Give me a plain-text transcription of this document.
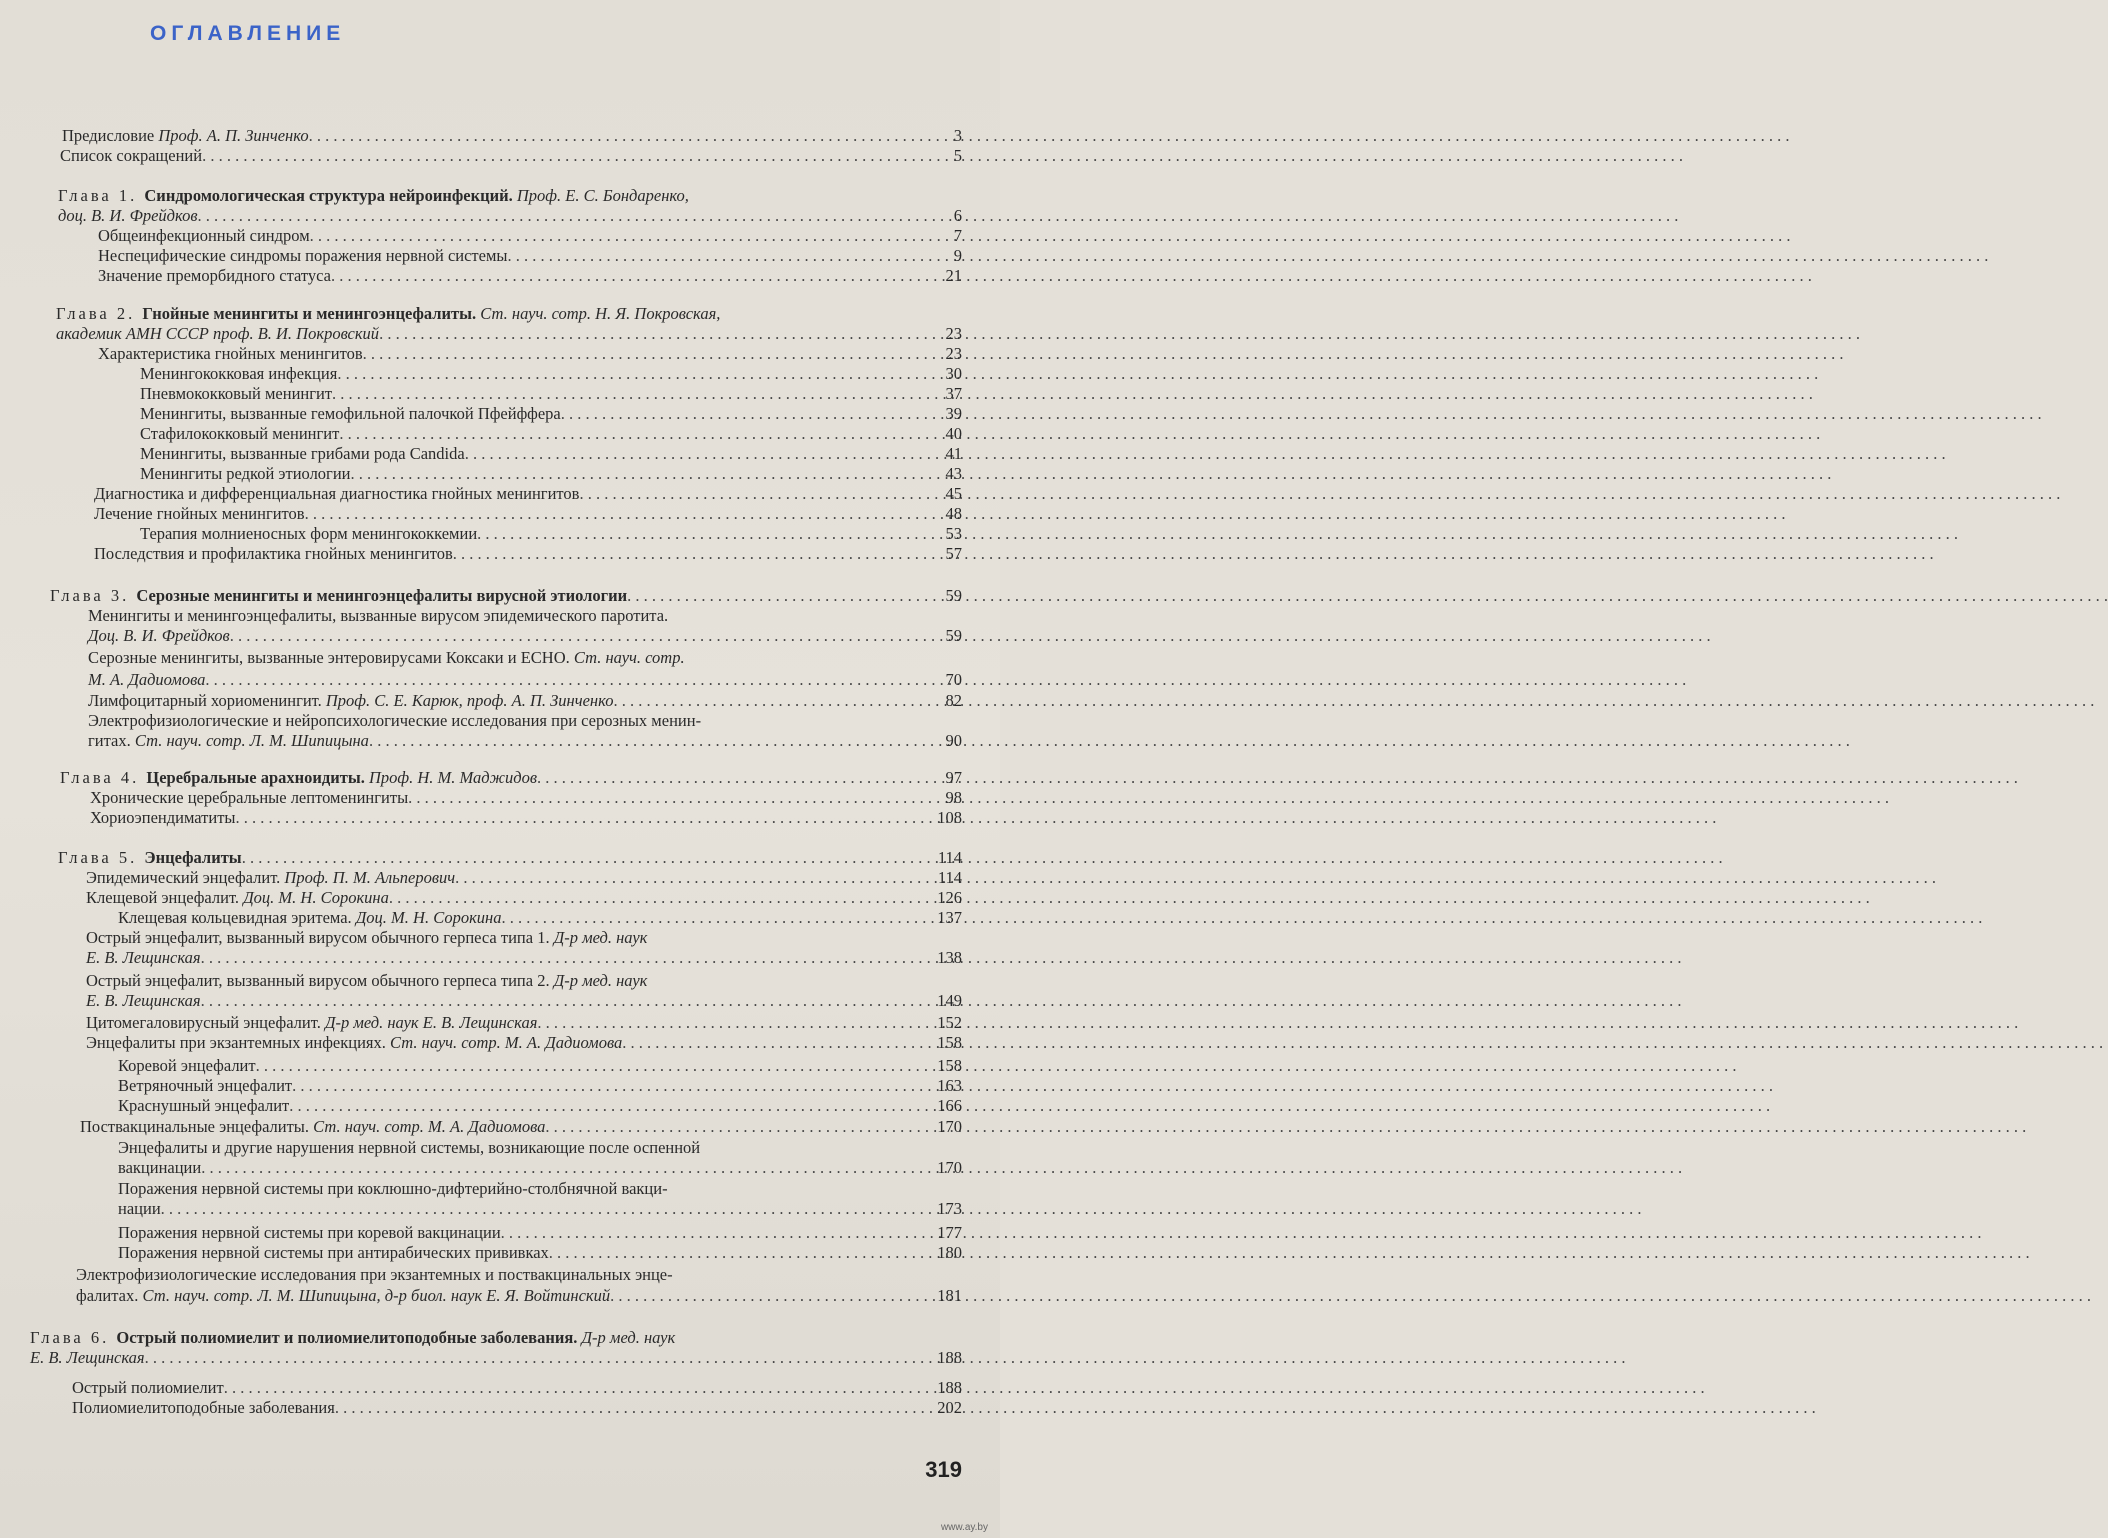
ОГЛАВЛЕНИЕ
Предисловие Проф. А. П. Зинченко . . .	3
Список сокращений . . .	5
Глава 1. Синдромологическая структура нейроинфекций. Проф. Е. С. Бондаренко,
доц. В. И. Фрейдков . . .	6
Общеинфекционный синдром . . .	7
Неспецифические синдромы поражения нервной системы . . .	9
Значение преморбидного статуса . . .	21
Глава 2. Гнойные менингиты и менингоэнцефалиты. Ст. науч. сотр. Н. Я. Покровская,
академик АМН СССР проф. В. И. Покровский . . .	23
Характеристика гнойных менингитов . . .	23
Менингококковая инфекция . . .	30
Пневмококковый менингит . . .	37
Менингиты, вызванные гемофильной палочкой Пфейффера . . .	39
Стафилококковый менингит . . .	40
Менингиты, вызванные грибами рода Candida . . .	41
Менингиты редкой этиологии . . .	43
Диагностика и дифференциальная диагностика гнойных менингитов . . .	45
Лечение гнойных менингитов . . .	48
Терапия молниеносных форм менингококкемии . . .	53
Последствия и профилактика гнойных менингитов . . .	57
Глава 3. Серозные менингиты и менингоэнцефалиты вирусной этиологии . . .	59
Менингиты и менингоэнцефалиты, вызванные вирусом эпидемического паротита.
Доц. В. И. Фрейдков . . .	59
Серозные менингиты, вызванные энтеровирусами Коксаки и ЕСНО. Ст. науч. сотр.
М. А. Дадиомова . . .	70
Лимфоцитарный хориоменингит. Проф. С. Е. Карюк, проф. А. П. Зинченко . . .	82
Электрофизиологические и нейропсихологические исследования при серозных менин-
гитах. Ст. науч. сотр. Л. М. Шипицына . . .	90
Глава 4. Церебральные арахноидиты. Проф. Н. М. Маджидов . . .	97
Хронические церебральные лептоменингиты . . .	98
Хориоэпендиматиты . . .	108
Глава 5. Энцефалиты . . .	114
Эпидемический энцефалит. Проф. П. М. Альперович . . .	114
Клещевой энцефалит. Доц. М. Н. Сорокина . . .	126
Клещевая кольцевидная эритема. Доц. М. Н. Сорокина . . .	137
Острый энцефалит, вызванный вирусом обычного герпеса типа 1. Д-р мед. наук
Е. В. Лещинская . . .	138
Острый энцефалит, вызванный вирусом обычного герпеса типа 2. Д-р мед. наук
Е. В. Лещинская . . .	149
Цитомегаловирусный энцефалит. Д-р мед. наук Е. В. Лещинская . . .	152
Энцефалиты при экзантемных инфекциях. Ст. науч. сотр. М. А. Дадиомова . . .	158
Коревой энцефалит . . .	158
Ветряночный энцефалит . . .	163
Краснушный энцефалит . . .	166
Поствакцинальные энцефалиты. Ст. науч. сотр. М. А. Дадиомова . . .	170
Энцефалиты и другие нарушения нервной системы, возникающие после оспенной
вакцинации . . .	170
Поражения нервной системы при коклюшно-дифтерийно-столбнячной вакци-
нации . . .	173
Поражения нервной системы при коревой вакцинации . . .	177
Поражения нервной системы при антирабических прививках . . .	180
Электрофизиологические исследования при экзантемных и поствакцинальных энце-
фалитах. Ст. науч. сотр. Л. М. Шипицына, д-р биол. наук Е. Я. Войтинский . . .	181
Глава 6. Острый полиомиелит и полиомиелитоподобные заболевания. Д-р мед. наук
Е. В. Лещинская . . .	188
Острый полиомиелит . . .	188
Полиомиелитоподобные заболевания . . .	202
319
www.ay.by
